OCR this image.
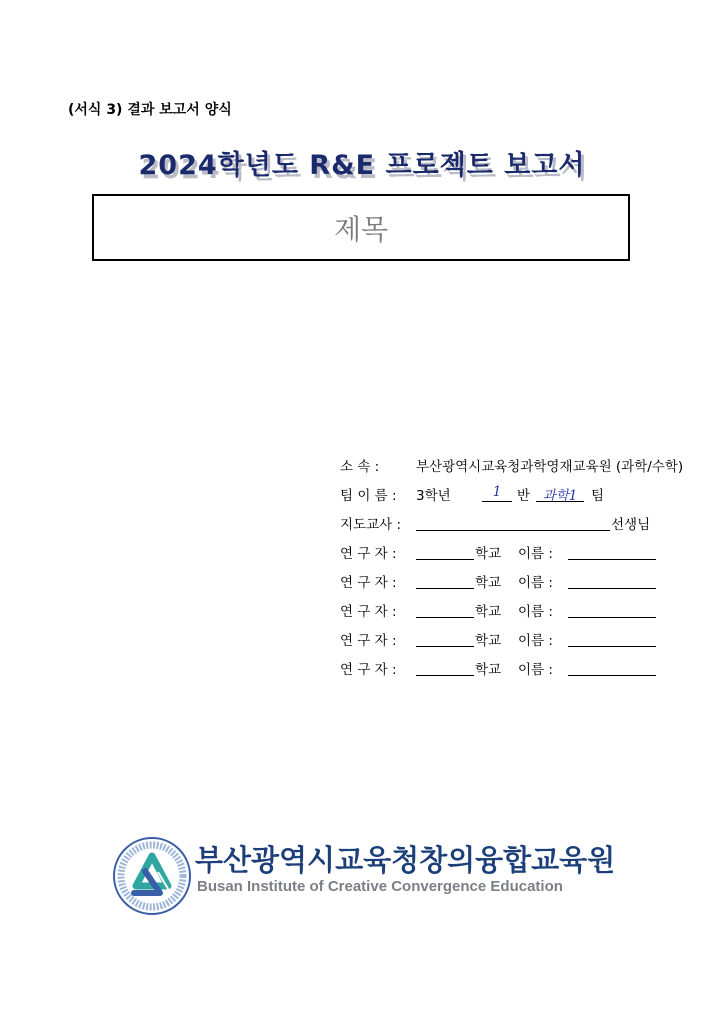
(서식 3) 결과 보고서 양식
2024학년도 R&E 프로젝트 보고서
제목
소 속 :	부산광역시교육청과학영재교육원 (과학/수학)
팀 이 름 : 3학년	1	반 과학1	팀
지도교사 :	선생님
연 구 자 :	학교 이름 :
연 구 자 :	학교 이름 :
연 구 자 :	학교 이름 :
연 구 자 :	학교 이름 :
연 구 자 :	학교 이름 :
부산광역시교육청창의융합교육원
Busan Institute of Creative Convergence Education
